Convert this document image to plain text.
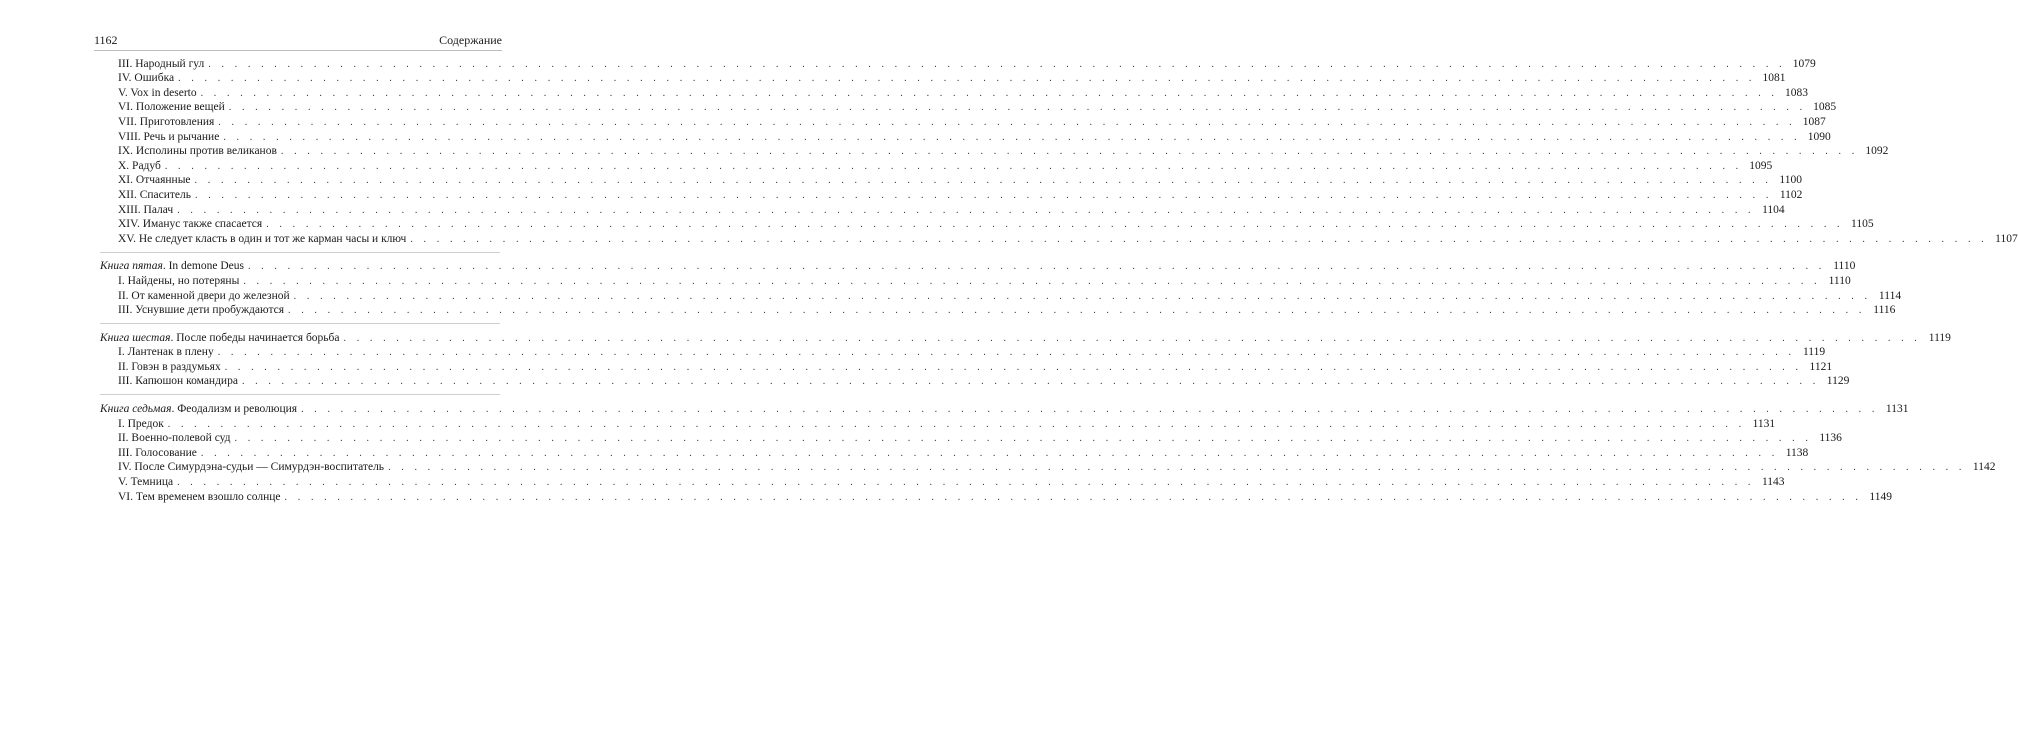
1162	Содержание
III. Народный гул . . . . . . . . . . . . . . . . . . . . . . . . . . . . . . . . . . . . . . . . . . . . . . . . . . . . . . . . . . . . . . . . . . . . . . . . . . . . . . . . . . . . . . . . . . . . . . . . . . . . . . . . . . . . . . . . . . . . . . . . 1079
IV. Ошибка . . . . . . . . . . . . . . . . . . . . . . . . . . . . . . . . . . . . . . . . . . . . . . . . . . . . . . . . . . . . . . . . . . . . . . . . . . . . . . . . . . . . . . . . . . . . . . . . . . . . . . . . . . . . . . . . . . . . . . . . 1081
V. Vox in deserto . . . . . . . . . . . . . . . . . . . . . . . . . . . . . . . . . . . . . . . . . . . . . . . . . . . . . . . . . . . . . . . . . . . . . . . . . . . . . . . . . . . . . . . . . . . . . . . . . . . . . . . . . . . . . . . . . . . . . . . . 1083
VI. Положение вещей . . . . . . . . . . . . . . . . . . . . . . . . . . . . . . . . . . . . . . . . . . . . . . . . . . . . . . . . . . . . . . . . . . . . . . . . . . . . . . . . . . . . . . . . . . . . . . . . . . . . . . . . . . . . . . . . . . . . . . . . 1085
VII. Приготовления . . . . . . . . . . . . . . . . . . . . . . . . . . . . . . . . . . . . . . . . . . . . . . . . . . . . . . . . . . . . . . . . . . . . . . . . . . . . . . . . . . . . . . . . . . . . . . . . . . . . . . . . . . . . . . . . . . . . . . . . 1087
VIII. Речь и рычание . . . . . . . . . . . . . . . . . . . . . . . . . . . . . . . . . . . . . . . . . . . . . . . . . . . . . . . . . . . . . . . . . . . . . . . . . . . . . . . . . . . . . . . . . . . . . . . . . . . . . . . . . . . . . . . . . . . . . . . . 1090
IX. Исполины против великанов . . . . . . . . . . . . . . . . . . . . . . . . . . . . . . . . . . . . . . . . . . . . . . . . . . . . . . . . . . . . . . . . . . . . . . . . . . . . . . . . . . . . . . . . . . . . . . . . . . . . . . . . . . . . . . . . . . . . . . . . 1092
X. Радуб . . . . . . . . . . . . . . . . . . . . . . . . . . . . . . . . . . . . . . . . . . . . . . . . . . . . . . . . . . . . . . . . . . . . . . . . . . . . . . . . . . . . . . . . . . . . . . . . . . . . . . . . . . . . . . . . . . . . . . . . 1095
XI. Отчаянные . . . . . . . . . . . . . . . . . . . . . . . . . . . . . . . . . . . . . . . . . . . . . . . . . . . . . . . . . . . . . . . . . . . . . . . . . . . . . . . . . . . . . . . . . . . . . . . . . . . . . . . . . . . . . . . . . . . . . . . . 1100
XII. Спаситель . . . . . . . . . . . . . . . . . . . . . . . . . . . . . . . . . . . . . . . . . . . . . . . . . . . . . . . . . . . . . . . . . . . . . . . . . . . . . . . . . . . . . . . . . . . . . . . . . . . . . . . . . . . . . . . . . . . . . . . . 1102
XIII. Палач . . . . . . . . . . . . . . . . . . . . . . . . . . . . . . . . . . . . . . . . . . . . . . . . . . . . . . . . . . . . . . . . . . . . . . . . . . . . . . . . . . . . . . . . . . . . . . . . . . . . . . . . . . . . . . . . . . . . . . . . 1104
XIV. Иманус также спасается . . . . . . . . . . . . . . . . . . . . . . . . . . . . . . . . . . . . . . . . . . . . . . . . . . . . . . . . . . . . . . . . . . . . . . . . . . . . . . . . . . . . . . . . . . . . . . . . . . . . . . . . . . . . . . . . . . . . . . . . 1105
XV. Не следует класть в один и тот же карман часы и ключ . . . . . . . . . . . . . . . . . . . . . . . . . . . . . . . . . . . . . . . . . . . . . . . . . . . . . . . . . . . . . . . . . . . . . . . . . . . . . . . . . . . . . . . . . . . . . . . . . . . . . . . . . . . . . . . . . . . . . . . . 1107
Книга пятая. In demone Deus . . . . . . . . . . . . . . . . . . . . . . . . . . . . . . . . . . . . . . . . . . . . . . . . . . . . . . . . . . . . . . . . . . . . . . . . . . . . . . . . . . . . . . . . . . . . . . . . . . . . . . . . . . . . . . . . . . . . . . . . 1110
I. Найдены, но потеряны . . . . . . . . . . . . . . . . . . . . . . . . . . . . . . . . . . . . . . . . . . . . . . . . . . . . . . . . . . . . . . . . . . . . . . . . . . . . . . . . . . . . . . . . . . . . . . . . . . . . . . . . . . . . . . . . . . . . . . . . 1110
II. От каменной двери до железной . . . . . . . . . . . . . . . . . . . . . . . . . . . . . . . . . . . . . . . . . . . . . . . . . . . . . . . . . . . . . . . . . . . . . . . . . . . . . . . . . . . . . . . . . . . . . . . . . . . . . . . . . . . . . . . . . . . . . . . . 1114
III. Уснувшие дети пробуждаются . . . . . . . . . . . . . . . . . . . . . . . . . . . . . . . . . . . . . . . . . . . . . . . . . . . . . . . . . . . . . . . . . . . . . . . . . . . . . . . . . . . . . . . . . . . . . . . . . . . . . . . . . . . . . . . . . . . . . . . . 1116
Книга шестая. После победы начинается борьба . . . . . . . . . . . . . . . . . . . . . . . . . . . . . . . . . . . . . . . . . . . . . . . . . . . . . . . . . . . . . . . . . . . . . . . . . . . . . . . . . . . . . . . . . . . . . . . . . . . . . . . . . . . . . . . . . . . . . . . . 1119
I. Лантенак в плену . . . . . . . . . . . . . . . . . . . . . . . . . . . . . . . . . . . . . . . . . . . . . . . . . . . . . . . . . . . . . . . . . . . . . . . . . . . . . . . . . . . . . . . . . . . . . . . . . . . . . . . . . . . . . . . . . . . . . . . . 1119
II. Говэн в раздумьях . . . . . . . . . . . . . . . . . . . . . . . . . . . . . . . . . . . . . . . . . . . . . . . . . . . . . . . . . . . . . . . . . . . . . . . . . . . . . . . . . . . . . . . . . . . . . . . . . . . . . . . . . . . . . . . . . . . . . . . . 1121
III. Капюшон командира . . . . . . . . . . . . . . . . . . . . . . . . . . . . . . . . . . . . . . . . . . . . . . . . . . . . . . . . . . . . . . . . . . . . . . . . . . . . . . . . . . . . . . . . . . . . . . . . . . . . . . . . . . . . . . . . . . . . . . . . 1129
Книга седьмая. Феодализм и революция . . . . . . . . . . . . . . . . . . . . . . . . . . . . . . . . . . . . . . . . . . . . . . . . . . . . . . . . . . . . . . . . . . . . . . . . . . . . . . . . . . . . . . . . . . . . . . . . . . . . . . . . . . . . . . . . . . . . . . . . 1131
I. Предок . . . . . . . . . . . . . . . . . . . . . . . . . . . . . . . . . . . . . . . . . . . . . . . . . . . . . . . . . . . . . . . . . . . . . . . . . . . . . . . . . . . . . . . . . . . . . . . . . . . . . . . . . . . . . . . . . . . . . . . . 1131
II. Военно-полевой суд . . . . . . . . . . . . . . . . . . . . . . . . . . . . . . . . . . . . . . . . . . . . . . . . . . . . . . . . . . . . . . . . . . . . . . . . . . . . . . . . . . . . . . . . . . . . . . . . . . . . . . . . . . . . . . . . . . . . . . . . 1136
III. Голосование . . . . . . . . . . . . . . . . . . . . . . . . . . . . . . . . . . . . . . . . . . . . . . . . . . . . . . . . . . . . . . . . . . . . . . . . . . . . . . . . . . . . . . . . . . . . . . . . . . . . . . . . . . . . . . . . . . . . . . . . 1138
IV. После Симурдэна-судьи — Симурдэн-воспитатель . . . . . . . . . . . . . . . . . . . . . . . . . . . . . . . . . . . . . . . . . . . . . . . . . . . . . . . . . . . . . . . . . . . . . . . . . . . . . . . . . . . . . . . . . . . . . . . . . . . . . . . . . . . . . . . . . . . . . . . . 1142
V. Темница . . . . . . . . . . . . . . . . . . . . . . . . . . . . . . . . . . . . . . . . . . . . . . . . . . . . . . . . . . . . . . . . . . . . . . . . . . . . . . . . . . . . . . . . . . . . . . . . . . . . . . . . . . . . . . . . . . . . . . . . 1143
VI. Тем временем взошло солнце . . . . . . . . . . . . . . . . . . . . . . . . . . . . . . . . . . . . . . . . . . . . . . . . . . . . . . . . . . . . . . . . . . . . . . . . . . . . . . . . . . . . . . . . . . . . . . . . . . . . . . . . . . . . . . . . . . . . . . . . 1149
